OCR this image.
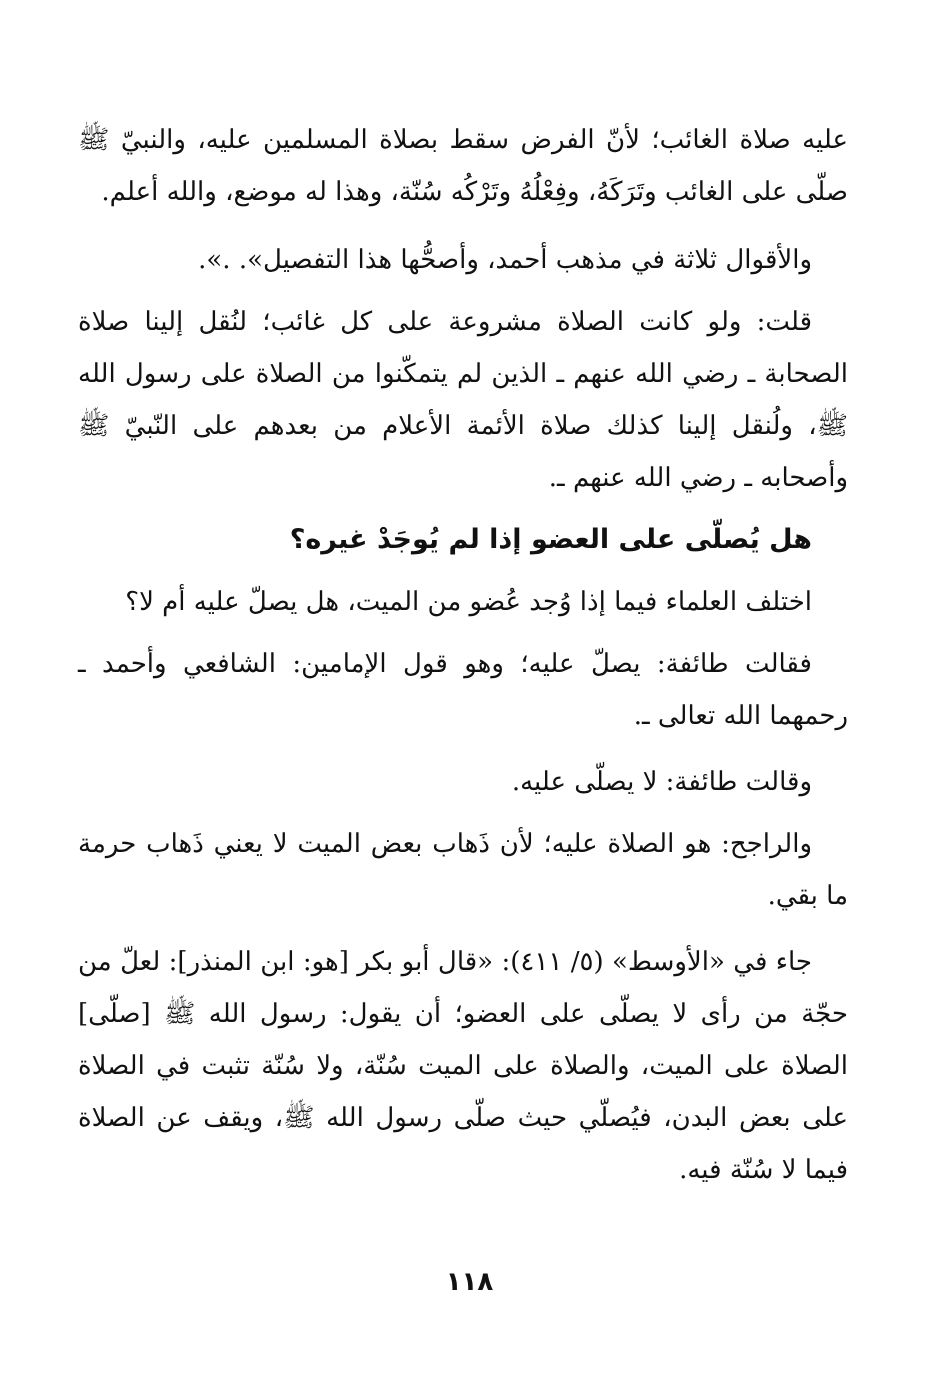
عليه صلاة الغائب؛ لأنّ الفرض سقط بصلاة المسلمين عليه، والنبيّ ﷺ صلّى على الغائب وتَرَكَهُ، وفِعْلُهُ وتَرْكُه سُنّة، وهذا له موضع، والله أعلم.

والأقوال ثلاثة في مذهب أحمد، وأصحُّها هذا التفصيل». .».

قلت: ولو كانت الصلاة مشروعة على كل غائب؛ لنُقل إلينا صلاة الصحابة ـ رضي الله عنهم ـ الذين لم يتمكّنوا من الصلاة على رسول الله ﷺ، ولُنقل إلينا كذلك صلاة الأئمة الأعلام من بعدهم على النّبيّ ﷺ وأصحابه ـ رضي الله عنهم ـ.

هل يُصلّى على العضو إذا لم يُوجَدْ غيره؟

اختلف العلماء فيما إذا وُجد عُضو من الميت، هل يصلّ عليه أم لا؟

فقالت طائفة: يصلّ عليه؛ وهو قول الإمامين: الشافعي وأحمد ـ رحمهما الله تعالى ـ.

وقالت طائفة: لا يصلّى عليه.

والراجح: هو الصلاة عليه؛ لأن ذَهاب بعض الميت لا يعني ذَهاب حرمة ما بقي.

جاء في «الأوسط» (٥/ ٤١١): «قال أبو بكر [هو: ابن المنذر]: لعلّ من حجّة من رأى لا يصلّى على العضو؛ أن يقول: رسول الله ﷺ [صلّى] الصلاة على الميت، والصلاة على الميت سُنّة، ولا سُنّة تثبت في الصلاة على بعض البدن، فيُصلّي حيث صلّى رسول الله ﷺ، ويقف عن الصلاة فيما لا سُنّة فيه.

١١٨
